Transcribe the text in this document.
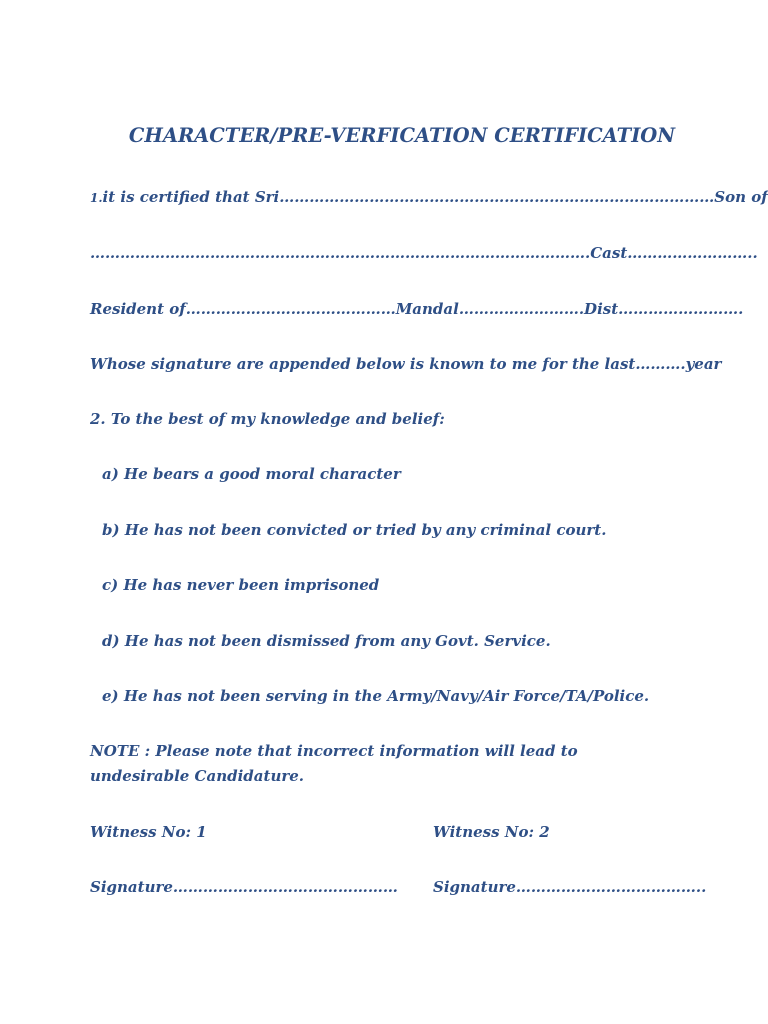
CHARACTER/PRE-VERFICATION CERTIFICATION
1.it is certified that Sri……………………………………………………………………………Son of
……………………………………………………………………………………….Cast……………………..
Resident of……………………………………Mandal…………………….Dist…………………….
Whose signature are appended below is known to me for the last……….year
2. To the best of my knowledge and belief:
a) He bears a good moral character
b) He has not been convicted or tried by any criminal court.
c) He has never been imprisoned
d) He has not been dismissed from any Govt. Service.
e) He has not been serving in the Army/Navy/Air Force/TA/Police.
NOTE : Please note that incorrect information will lead to
undesirable Candidature.
Witness No: 1	Witness No: 2
Signature……………………………………… Signature………………………………..
